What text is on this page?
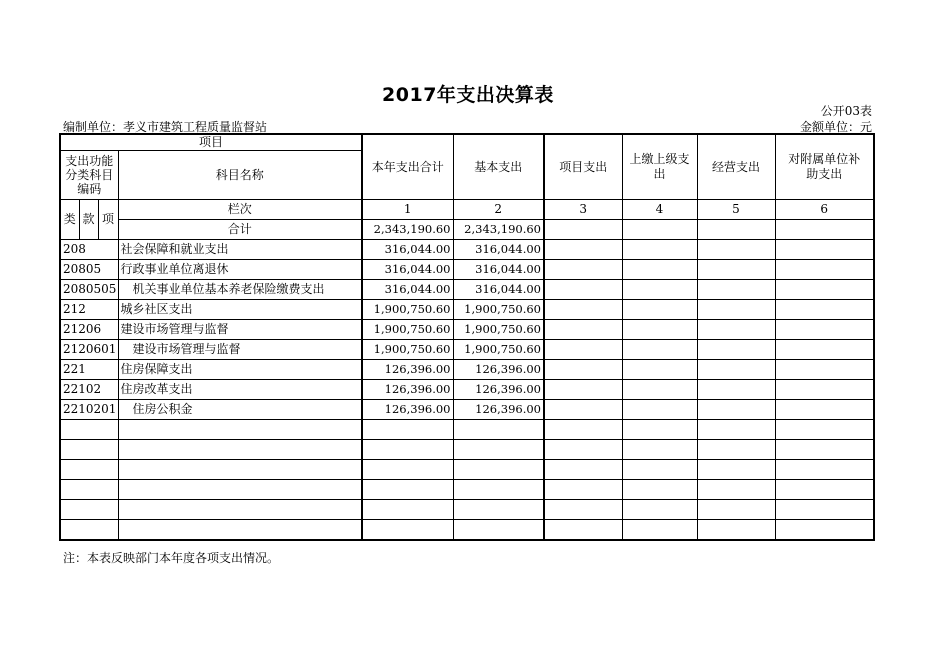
2017年支出决算表
公开03表
编制单位：孝义市建筑工程质量监督站	金额单位：元
项目				本年支出合计	基本支出	项目支出	上缴上级支出	经营支出	对附属单位补助支出
支出功能分类科目编码			科目名称						

类	款	项	栏次	1	2	3	4	5	6
			合计	2,343,190.60	2,343,190.60				
208			社会保障和就业支出	316,044.00	316,044.00				
20805			行政事业单位离退休	316,044.00	316,044.00				
2080505			机关事业单位基本养老保险缴费支出	316,044.00	316,044.00				
212			城乡社区支出	1,900,750.60	1,900,750.60				
21206			建设市场管理与监督	1,900,750.60	1,900,750.60				
2120601			建设市场管理与监督	1,900,750.60	1,900,750.60				
221			住房保障支出	126,396.00	126,396.00				
22102			住房改革支出	126,396.00	126,396.00				
2210201			住房公积金	126,396.00	126,396.00				

注：本表反映部门本年度各项支出情况。
